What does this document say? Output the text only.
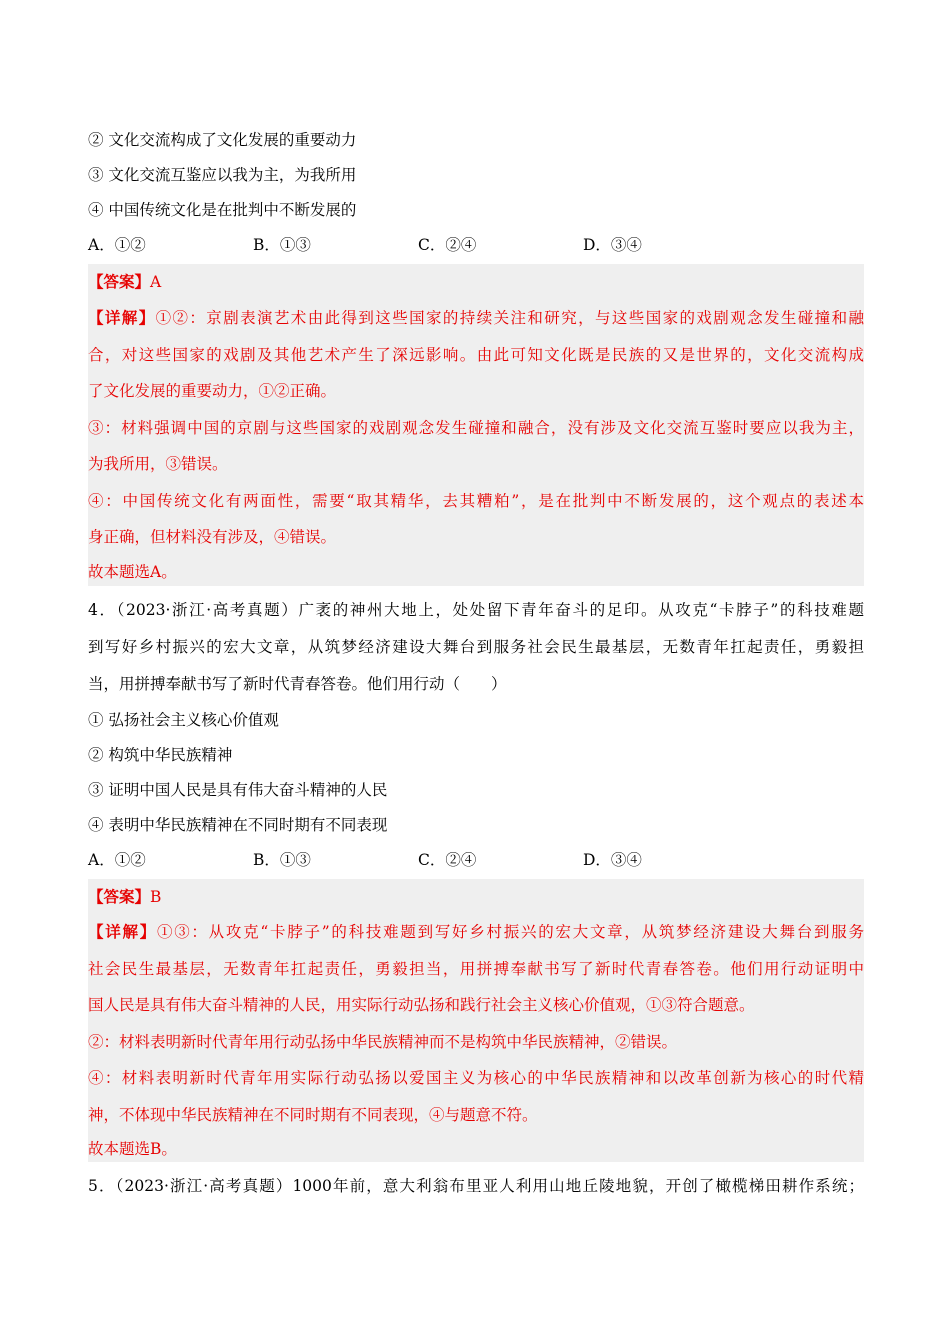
② 文化交流构成了文化发展的重要动力
③ 文化交流互鉴应以我为主，为我所用
④ 中国传统文化是在批判中不断发展的
A．①②	B．①③	C．②④	D．③④
【答案】A
【详解】①②：京剧表演艺术由此得到这些国家的持续关注和研究，与这些国家的戏剧观念发生碰撞和融
合，对这些国家的戏剧及其他艺术产生了深远影响。由此可知文化既是民族的又是世界的，文化交流构成
了文化发展的重要动力，①②正确。
③：材料强调中国的京剧与这些国家的戏剧观念发生碰撞和融合，没有涉及文化交流互鉴时要应以我为主，
为我所用，③错误。
④：中国传统文化有两面性，需要“取其精华，去其糟粕”，是在批判中不断发展的，这个观点的表述本
身正确，但材料没有涉及，④错误。
故本题选A。
4．（2023·浙江·高考真题）广袤的神州大地上，处处留下青年奋斗的足印。从攻克“卡脖子”的科技难题
到写好乡村振兴的宏大文章，从筑梦经济建设大舞台到服务社会民生最基层，无数青年扛起责任，勇毅担
当，用拼搏奉献书写了新时代青春答卷。他们用行动（　　）
① 弘扬社会主义核心价值观
② 构筑中华民族精神
③ 证明中国人民是具有伟大奋斗精神的人民
④ 表明中华民族精神在不同时期有不同表现
A．①②	B．①③	C．②④	D．③④
【答案】B
【详解】①③：从攻克“卡脖子”的科技难题到写好乡村振兴的宏大文章，从筑梦经济建设大舞台到服务
社会民生最基层，无数青年扛起责任，勇毅担当，用拼搏奉献书写了新时代青春答卷。他们用行动证明中
国人民是具有伟大奋斗精神的人民，用实际行动弘扬和践行社会主义核心价值观，①③符合题意。
②：材料表明新时代青年用行动弘扬中华民族精神而不是构筑中华民族精神，②错误。
④：材料表明新时代青年用实际行动弘扬以爱国主义为核心的中华民族精神和以改革创新为核心的时代精
神，不体现中华民族精神在不同时期有不同表现，④与题意不符。
故本题选B。
5．（2023·浙江·高考真题）1000年前，意大利翁布里亚人利用山地丘陵地貌，开创了橄榄梯田耕作系统；
